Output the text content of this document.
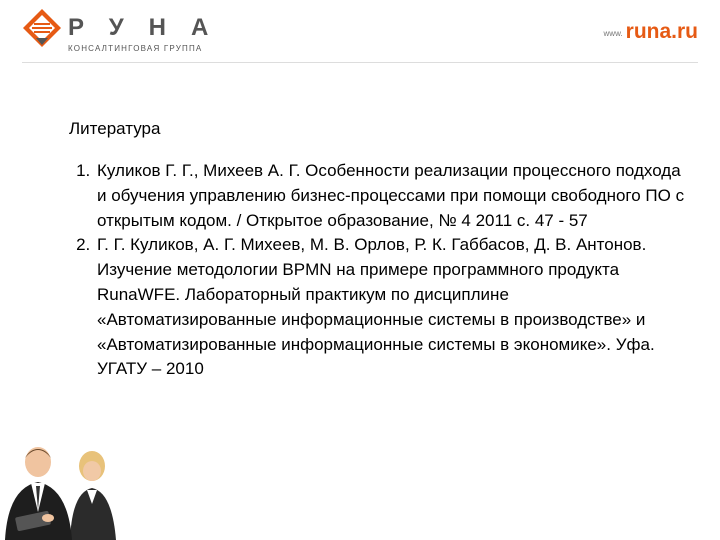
РУНА
КОНСАЛТИНГОВАЯ ГРУППА
www. runa.ru
Литература
1. Куликов Г. Г., Михеев А. Г. Особенности реализации процессного подхода и обучения управлению бизнес-процессами при помощи свободного ПО с открытым кодом. / Открытое образование, № 4 2011 с. 47 - 57
2. Г. Г. Куликов, А. Г. Михеев, М. В. Орлов, Р. К. Габбасов, Д. В. Антонов. Изучение методологии BPMN на примере программного продукта RunaWFE. Лабораторный практикум по дисциплине «Автоматизированные информационные системы в производстве» и «Автоматизированные информационные системы в экономике». Уфа. УГАТУ – 2010
